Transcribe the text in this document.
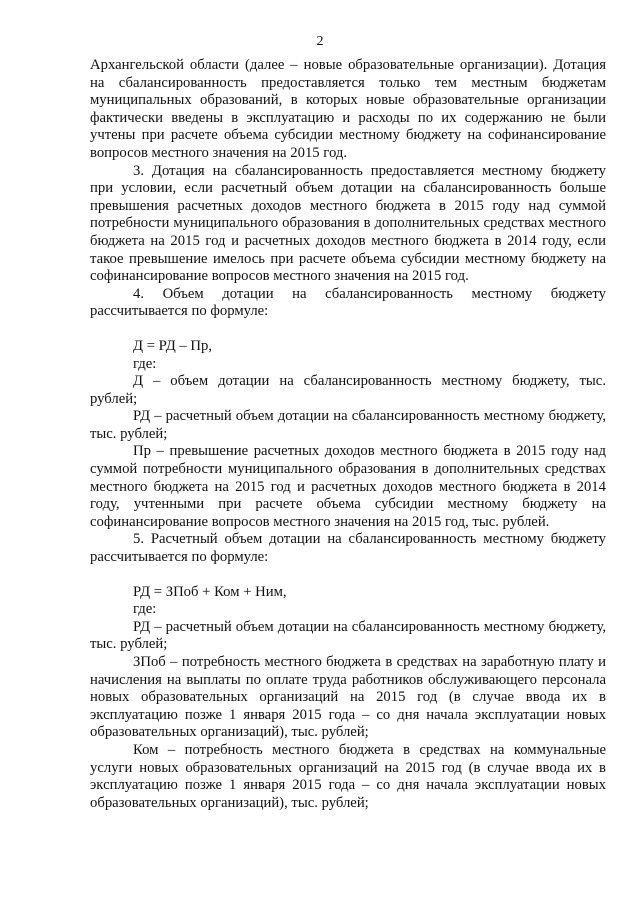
2

Архангельской области (далее – новые образовательные организации). Дотация на сбалансированность предоставляется только тем местным бюджетам муниципальных образований, в которых новые образовательные организации фактически введены в эксплуатацию и расходы по их содержанию не были учтены при расчете объема субсидии местному бюджету на софинансирование вопросов местного значения на 2015 год.

3. Дотация на сбалансированность предоставляется местному бюджету при условии, если расчетный объем дотации на сбалансированность больше превышения расчетных доходов местного бюджета в 2015 году над суммой потребности муниципального образования в дополнительных средствах местного бюджета на 2015 год и расчетных доходов местного бюджета в 2014 году, если такое превышение имелось при расчете объема субсидии местному бюджету на софинансирование вопросов местного значения на 2015 год.

4. Объем дотации на сбалансированность местному бюджету рассчитывается по формуле:

Д = РД – Пр,

где:

Д – объем дотации на сбалансированность местному бюджету, тыс. рублей;

РД – расчетный объем дотации на сбалансированность местному бюджету, тыс. рублей;

Пр – превышение расчетных доходов местного бюджета в 2015 году над суммой потребности муниципального образования в дополнительных средствах местного бюджета на 2015 год и расчетных доходов местного бюджета в 2014 году, учтенными при расчете объема субсидии местному бюджету на софинансирование вопросов местного значения на 2015 год, тыс. рублей.

5. Расчетный объем дотации на сбалансированность местному бюджету рассчитывается по формуле:

РД = ЗПоб + Ком + Ним,

где:

РД – расчетный объем дотации на сбалансированность местному бюджету, тыс. рублей;

ЗПоб – потребность местного бюджета в средствах на заработную плату и начисления на выплаты по оплате труда работников обслуживающего персонала новых образовательных организаций на 2015 год (в случае ввода их в эксплуатацию позже 1 января 2015 года – со дня начала эксплуатации новых образовательных организаций), тыс. рублей;

Ком – потребность местного бюджета в средствах на коммунальные услуги новых образовательных организаций на 2015 год (в случае ввода их в эксплуатацию позже 1 января 2015 года – со дня начала эксплуатации новых образовательных организаций), тыс. рублей;
